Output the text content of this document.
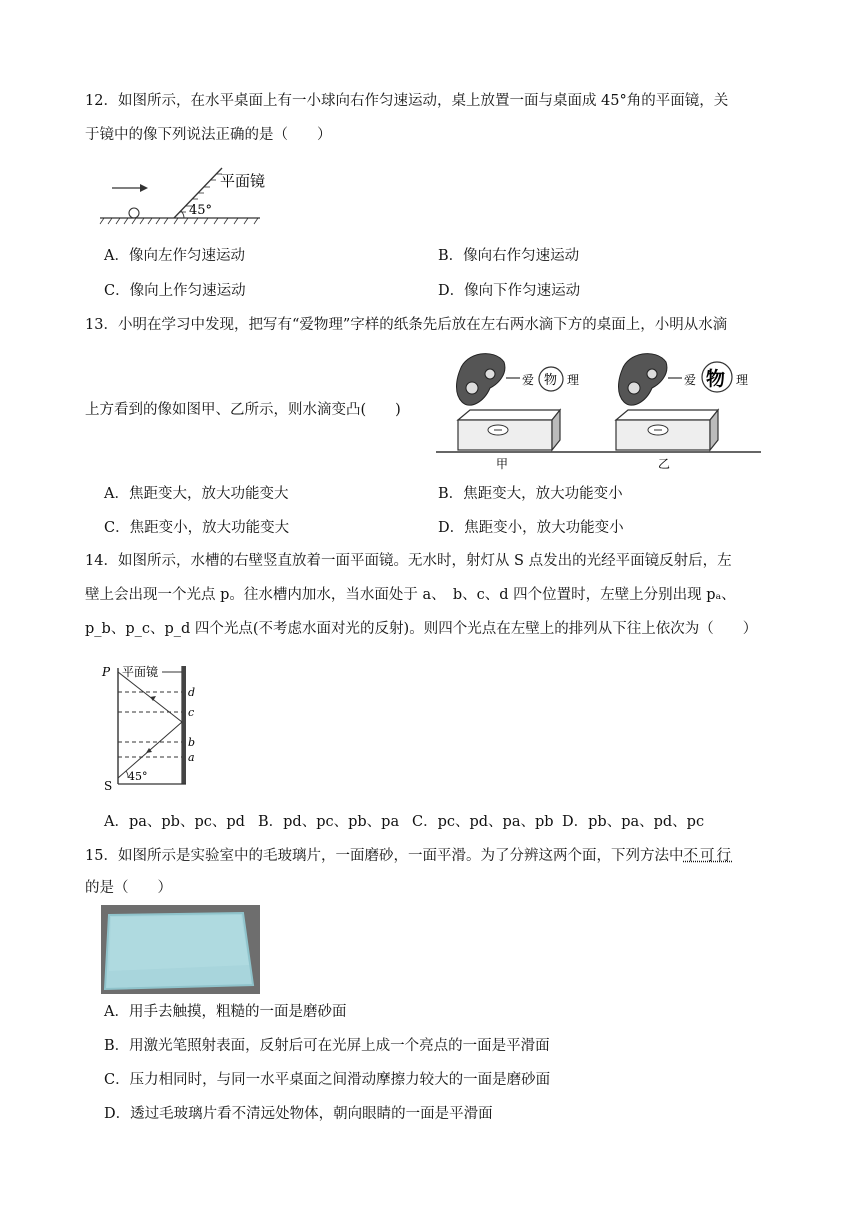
12．如图所示，在水平桌面上有一小球向右作匀速运动，桌上放置一面与桌面成 45°角的平面镜，关
于镜中的像下列说法正确的是（　　）
45°
平面镜
A．像向左作匀速运动	B．像向右作匀速运动
C．像向上作匀速运动	D．像向下作匀速运动
13．小明在学习中发现，把写有“爱物理”字样的纸条先后放在左右两水滴下方的桌面上，小明从水滴
上方看到的像如图甲、乙所示，则水滴变凸(　　)
爱 物 理
甲
爱 物 理
乙
A．焦距变大，放大功能变大	B．焦距变大，放大功能变小
C．焦距变小，放大功能变大	D．焦距变小，放大功能变小
14．如图所示，水槽的右壁竖直放着一面平面镜。无水时，射灯从 S 点发出的光经平面镜反射后，左
壁上会出现一个光点 p。往水槽内加水，当水面处于 a、　b、c、d 四个位置时，左壁上分别出现 pₐ、
p_b、p_c、p_d 四个光点(不考虑水面对光的反射)。则四个光点在左壁上的排列从下往上依次为（　　）
45°
P
S
平面镜
d
c
b
a
A．pa、pb、pc、pd B．pd、pc、pb、pa C．pc、pd、pa、pb D．pb、pa、pd、pc
15．如图所示是实验室中的毛玻璃片，一面磨砂，一面平滑。为了分辨这两个面，下列方法中不可行
的是（　　）
A．用手去触摸，粗糙的一面是磨砂面
B．用激光笔照射表面，反射后可在光屏上成一个亮点的一面是平滑面
C．压力相同时，与同一水平桌面之间滑动摩擦力较大的一面是磨砂面
D．透过毛玻璃片看不清远处物体，朝向眼睛的一面是平滑面
